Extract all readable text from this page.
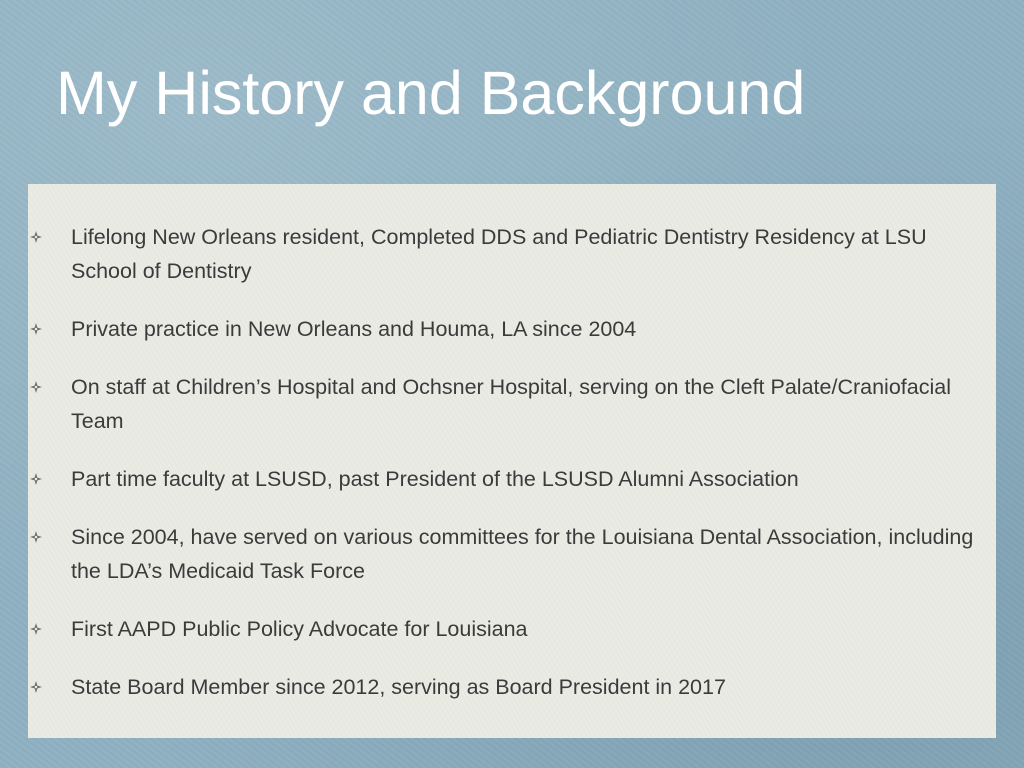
My History and Background
Lifelong New Orleans resident, Completed DDS and Pediatric Dentistry Residency at LSU School of Dentistry
Private practice in New Orleans and Houma, LA since 2004
On staff at Children’s Hospital and Ochsner Hospital, serving on the Cleft Palate/Craniofacial Team
Part time faculty at LSUSD, past President of the LSUSD Alumni Association
Since 2004, have served on various committees for the Louisiana Dental Association, including the LDA’s Medicaid Task Force
First AAPD Public Policy Advocate for Louisiana
State Board Member since 2012, serving as Board President in 2017
